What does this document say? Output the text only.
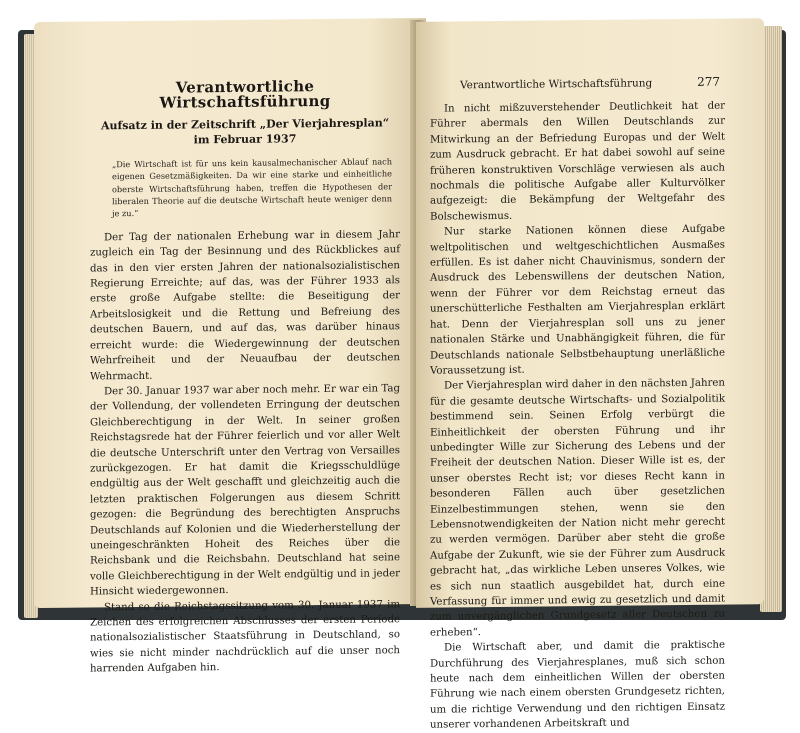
Verantwortliche Wirtschaftsführung
Aufsatz in der Zeitschrift „Der Vierjahresplan“
im Februar 1937
„Die Wirtschaft ist für uns kein kausalmechanischer Ablauf nach eigenen Gesetzmäßigkeiten. Da wir eine starke und einheitliche oberste Wirtschaftsführung haben, treffen die Hypothesen der liberalen Theorie auf die deutsche Wirtschaft heute weniger denn je zu.“

Der Tag der nationalen Erhebung war in diesem Jahr zugleich ein Tag der Besinnung und des Rückblickes auf das in den vier ersten Jahren der nationalsozialistischen Regierung Erreichte; auf das, was der Führer 1933 als erste große Aufgabe stellte: die Beseitigung der Arbeitslosigkeit und die Rettung und Befreiung des deutschen Bauern, und auf das, was darüber hinaus erreicht wurde: die Wiedergewinnung der deutschen Wehrfreiheit und der Neuaufbau der deutschen Wehrmacht.

Der 30. Januar 1937 war aber noch mehr. Er war ein Tag der Vollendung, der vollendeten Erringung der deutschen Gleichberechtigung in der Welt. In seiner großen Reichstagsrede hat der Führer feierlich und vor aller Welt die deutsche Unterschrift unter den Vertrag von Versailles zurückgezogen. Er hat damit die Kriegsschuldlüge endgültig aus der Welt geschafft und gleichzeitig auch die letzten praktischen Folgerungen aus diesem Schritt gezogen: die Begründung des berechtigten Anspruchs Deutschlands auf Kolonien und die Wiederherstellung der uneingeschränkten Hoheit des Reiches über die Reichsbank und die Reichsbahn. Deutschland hat seine volle Gleichberechtigung in der Welt endgültig und in jeder Hinsicht wiedergewonnen.

Stand so die Reichstagssitzung vom 30. Januar 1937 im Zeichen des erfolgreichen Abschlusses der ersten Periode nationalsozialistischer Staatsführung in Deutschland, so wies sie nicht minder nachdrücklich auf die unser noch harrenden Aufgaben hin.

Verantwortliche Wirtschaftsführung	277

In nicht mißzuverstehender Deutlichkeit hat der Führer abermals den Willen Deutschlands zur Mitwirkung an der Befriedung Europas und der Welt zum Ausdruck gebracht. Er hat dabei sowohl auf seine früheren konstruktiven Vorschläge verwiesen als auch nochmals die politische Aufgabe aller Kulturvölker aufgezeigt: die Bekämpfung der Weltgefahr des Bolschewismus.

Nur starke Nationen können diese Aufgabe weltpolitischen und weltgeschichtlichen Ausmaßes erfüllen. Es ist daher nicht Chauvinismus, sondern der Ausdruck des Lebenswillens der deutschen Nation, wenn der Führer vor dem Reichstag erneut das unerschütterliche Festhalten am Vierjahresplan erklärt hat. Denn der Vierjahresplan soll uns zu jener nationalen Stärke und Unabhängigkeit führen, die für Deutschlands nationale Selbstbehauptung unerläßliche Voraussetzung ist.

Der Vierjahresplan wird daher in den nächsten Jahren für die gesamte deutsche Wirtschafts- und Sozialpolitik bestimmend sein. Seinen Erfolg verbürgt die Einheitlichkeit der obersten Führung und ihr unbedingter Wille zur Sicherung des Lebens und der Freiheit der deutschen Nation. Dieser Wille ist es, der unser oberstes Recht ist; vor dieses Recht kann in besonderen Fällen auch über gesetzlichen Einzelbestimmungen stehen, wenn sie den Lebensnotwendigkeiten der Nation nicht mehr gerecht zu werden vermögen. Darüber aber steht die große Aufgabe der Zukunft, wie sie der Führer zum Ausdruck gebracht hat, „das wirkliche Leben unseres Volkes, wie es sich nun staatlich ausgebildet hat, durch eine Verfassung für immer und ewig zu gesetzlich und damit zum unvergänglichen Grundgesetz aller Deutschen zu erheben“.

Die Wirtschaft aber, und damit die praktische Durchführung des Vierjahresplanes, muß sich schon heute nach dem einheitlichen Willen der obersten Führung wie nach einem obersten Grundgesetz richten, um die richtige Verwendung und den richtigen Einsatz unserer vorhandenen Arbeitskraft und
